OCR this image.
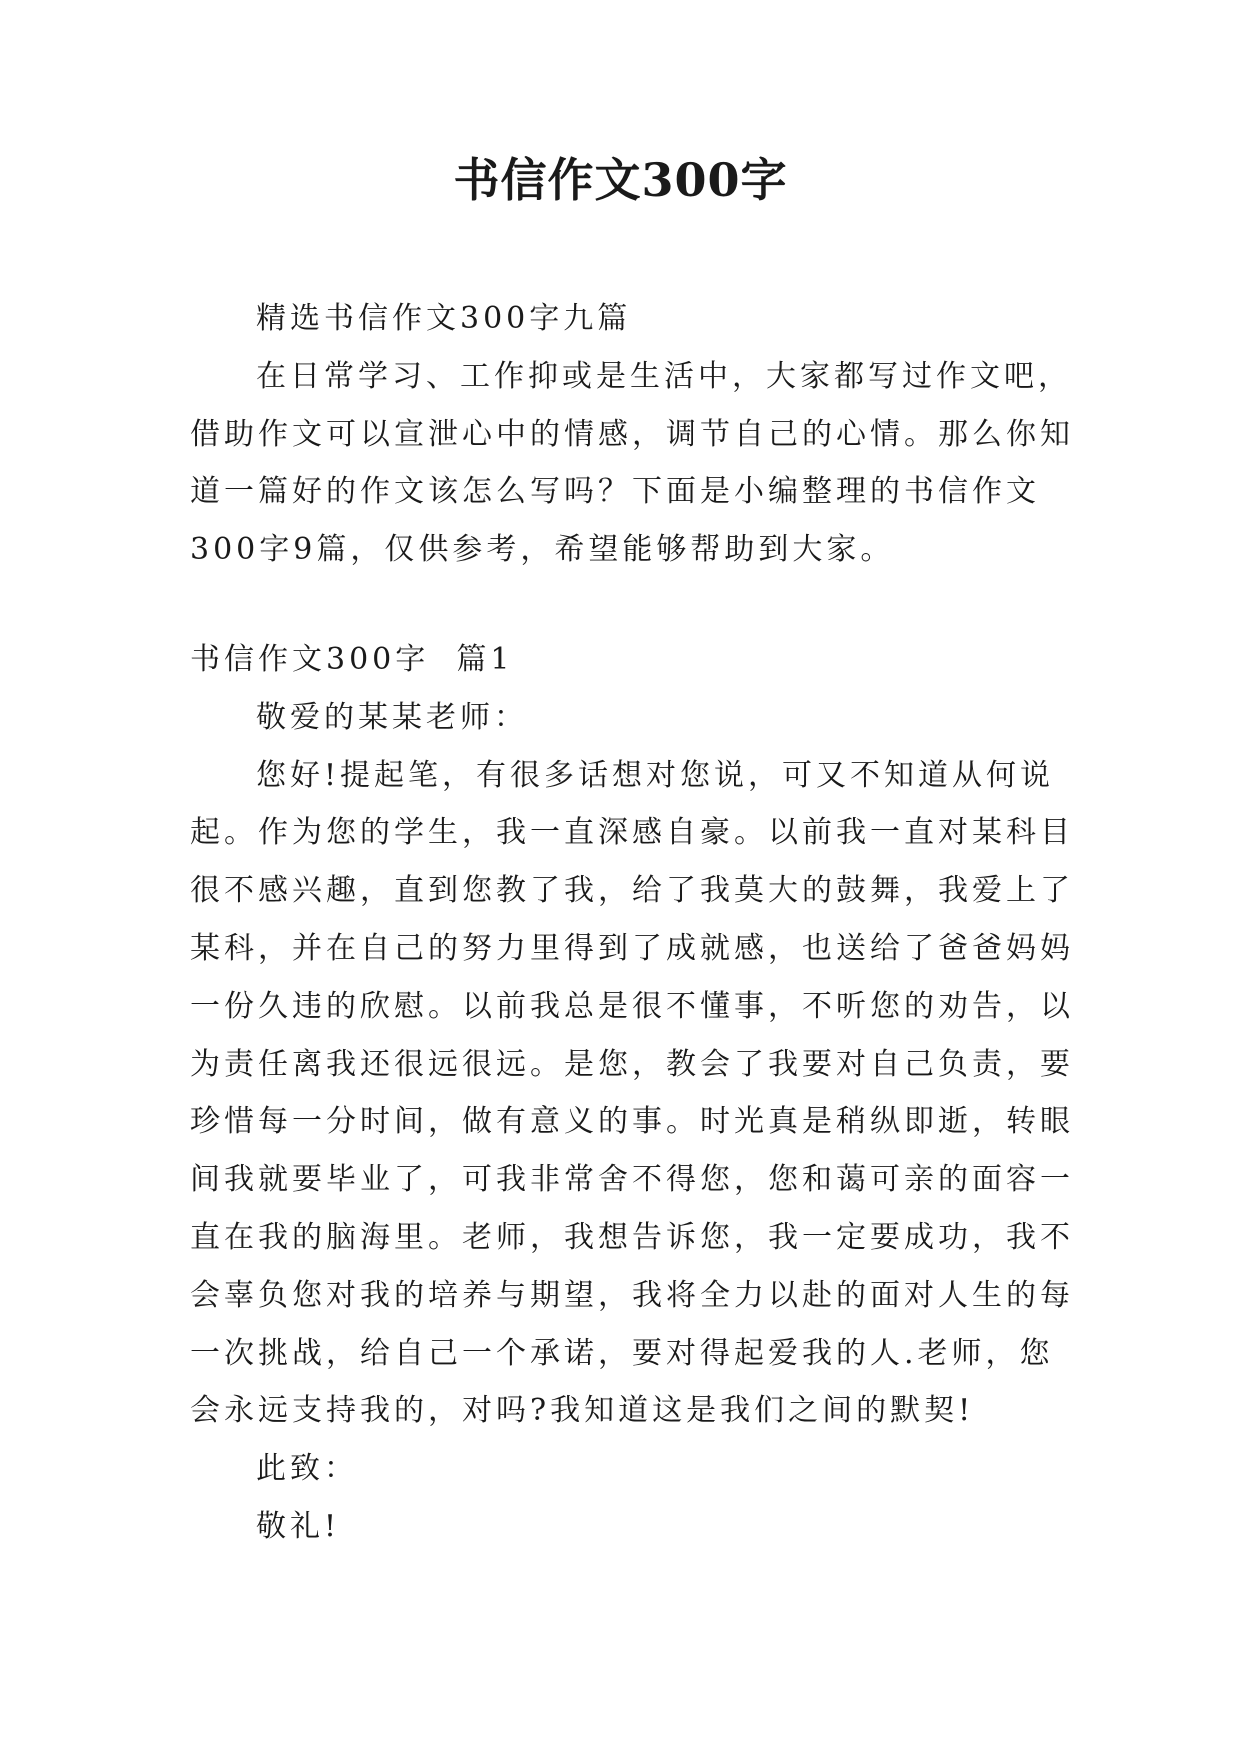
书信作文300字
精选书信作文300字九篇
在日常学习、工作抑或是生活中，大家都写过作文吧，
借助作文可以宣泄心中的情感，调节自己的心情。那么你知
道一篇好的作文该怎么写吗？下面是小编整理的书信作文
300字9篇，仅供参考，希望能够帮助到大家。
书信作文300字  篇1
敬爱的某某老师：
您好!提起笔，有很多话想对您说，可又不知道从何说
起。作为您的学生，我一直深感自豪。以前我一直对某科目
很不感兴趣，直到您教了我，给了我莫大的鼓舞，我爱上了
某科，并在自己的努力里得到了成就感，也送给了爸爸妈妈
一份久违的欣慰。以前我总是很不懂事，不听您的劝告，以
为责任离我还很远很远。是您，教会了我要对自己负责，要
珍惜每一分时间，做有意义的事。时光真是稍纵即逝，转眼
间我就要毕业了，可我非常舍不得您，您和蔼可亲的面容一
直在我的脑海里。老师，我想告诉您，我一定要成功，我不
会辜负您对我的培养与期望，我将全力以赴的面对人生的每
一次挑战，给自己一个承诺，要对得起爱我的人.老师，您
会永远支持我的，对吗?我知道这是我们之间的默契!
此致：
敬礼!
